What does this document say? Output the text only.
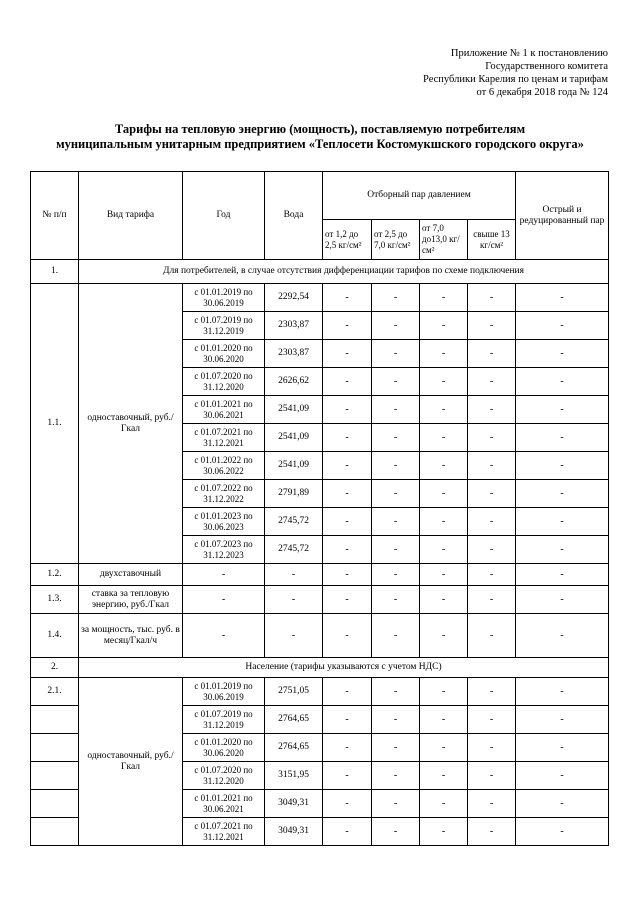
Приложение № 1 к постановлению
Государственного комитета
Республики Карелия по ценам и тарифам
от 6 декабря 2018 года № 124
Тарифы на тепловую энергию (мощность), поставляемую потребителям
муниципальным унитарным предприятием «Теплосети Костомукшского городского округа»
№ п/п	Вид тарифа	Год	Вода	Отборный пар давлением				Острый и редуцированный пар
				от 1,2 до 2,5 кг/см²	от 2,5 до 7,0 кг/см²	от 7,0 до13,0 кг/см²	свыше 13 кг/см²	
1.	Для потребителей, в случае отсутствия дифференциации тарифов по схеме подключения							
1.1.	одноставочный, руб./Гкал	с 01.01.2019 по 30.06.2019	2292,54	-	-	-	-	-
		с 01.07.2019 по 31.12.2019	2303,87	-	-	-	-	-
		с 01.01.2020 по 30.06.2020	2303,87	-	-	-	-	-
		с 01.07.2020 по 31.12.2020	2626,62	-	-	-	-	-
		с 01.01.2021 по 30.06.2021	2541,09	-	-	-	-	-
		с 01.07.2021 по 31.12.2021	2541,09	-	-	-	-	-
		с 01.01.2022 по 30.06.2022	2541,09	-	-	-	-	-
		с 01.07.2022 по 31.12.2022	2791,89	-	-	-	-	-
		с 01.01.2023 по 30.06.2023	2745,72	-	-	-	-	-
		с 01.07.2023 по 31.12.2023	2745,72	-	-	-	-	-
1.2.	двухставочный	-	-	-	-	-	-	-
1.3.	ставка за тепловую энергию, руб./Гкал	-	-	-	-	-	-	-
1.4.	за мощность, тыс. руб. в месяц/Гкал/ч	-	-	-	-	-	-	-
2.	Население (тарифы указываются с учетом НДС)							
2.1.	одноставочный, руб./Гкал	с 01.01.2019 по 30.06.2019	2751,05	-	-	-	-	-
		с 01.07.2019 по 31.12.2019	2764,65	-	-	-	-	-
		с 01.01.2020 по 30.06.2020	2764,65	-	-	-	-	-
		с 01.07.2020 по 31.12.2020	3151,95	-	-	-	-	-
		с 01.01.2021 по 30.06.2021	3049,31	-	-	-	-	-
		с 01.07.2021 по 31.12.2021	3049,31	-	-	-	-	-
